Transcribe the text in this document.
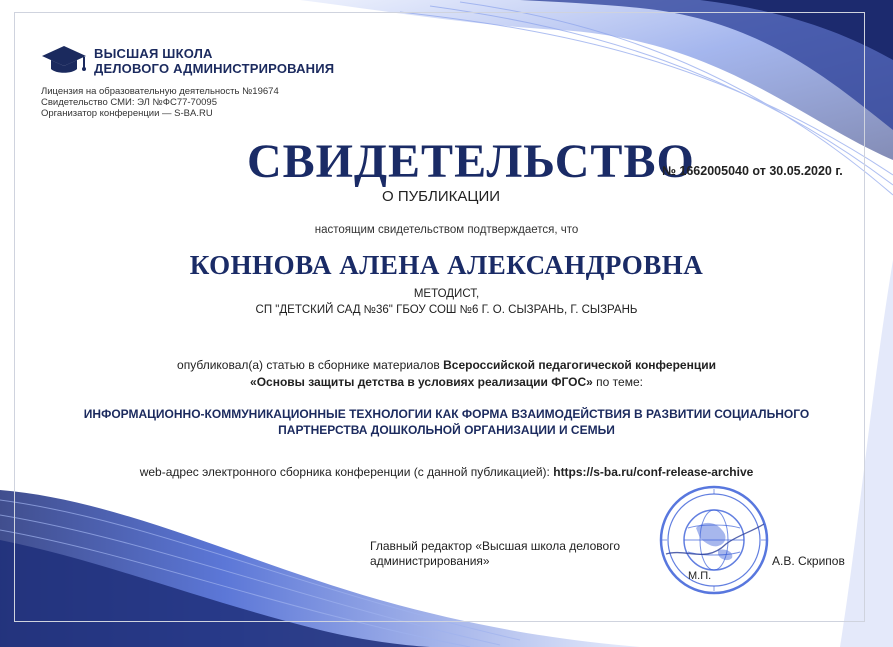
ВЫСШАЯ ШКОЛА
ДЕЛОВОГО АДМИНИСТРИРОВАНИЯ
Лицензия на образовательную деятельность №19674
Свидетельство СМИ: ЭЛ №ФС77-70095
Организатор конференции — S-BA.RU
СВИДЕТЕЛЬСТВО
№ 1662005040 от 30.05.2020 г.
О ПУБЛИКАЦИИ
настоящим свидетельством подтверждается, что
КОННОВА АЛЕНА АЛЕКСАНДРОВНА
МЕТОДИСТ,
СП "ДЕТСКИЙ САД №36" ГБОУ СОШ №6 Г. О. СЫЗРАНЬ, Г. СЫЗРАНЬ
опубликовал(а) статью в сборнике материалов Всероссийской педагогической конференции
«Основы защиты детства в условиях реализации ФГОС» по теме:
ИНФОРМАЦИОННО-КОММУНИКАЦИОННЫЕ ТЕХНОЛОГИИ КАК ФОРМА ВЗАИМОДЕЙСТВИЯ В РАЗВИТИИ СОЦИАЛЬНОГО
ПАРТНЕРСТВА ДОШКОЛЬНОЙ ОРГАНИЗАЦИИ И СЕМЬИ
web-адрес электронного сборника конференции (с данной публикацией): https://s-ba.ru/conf-release-archive
Главный редактор «Высшая школа делового
администрирования»
М.П.
А.В. Скрипов
